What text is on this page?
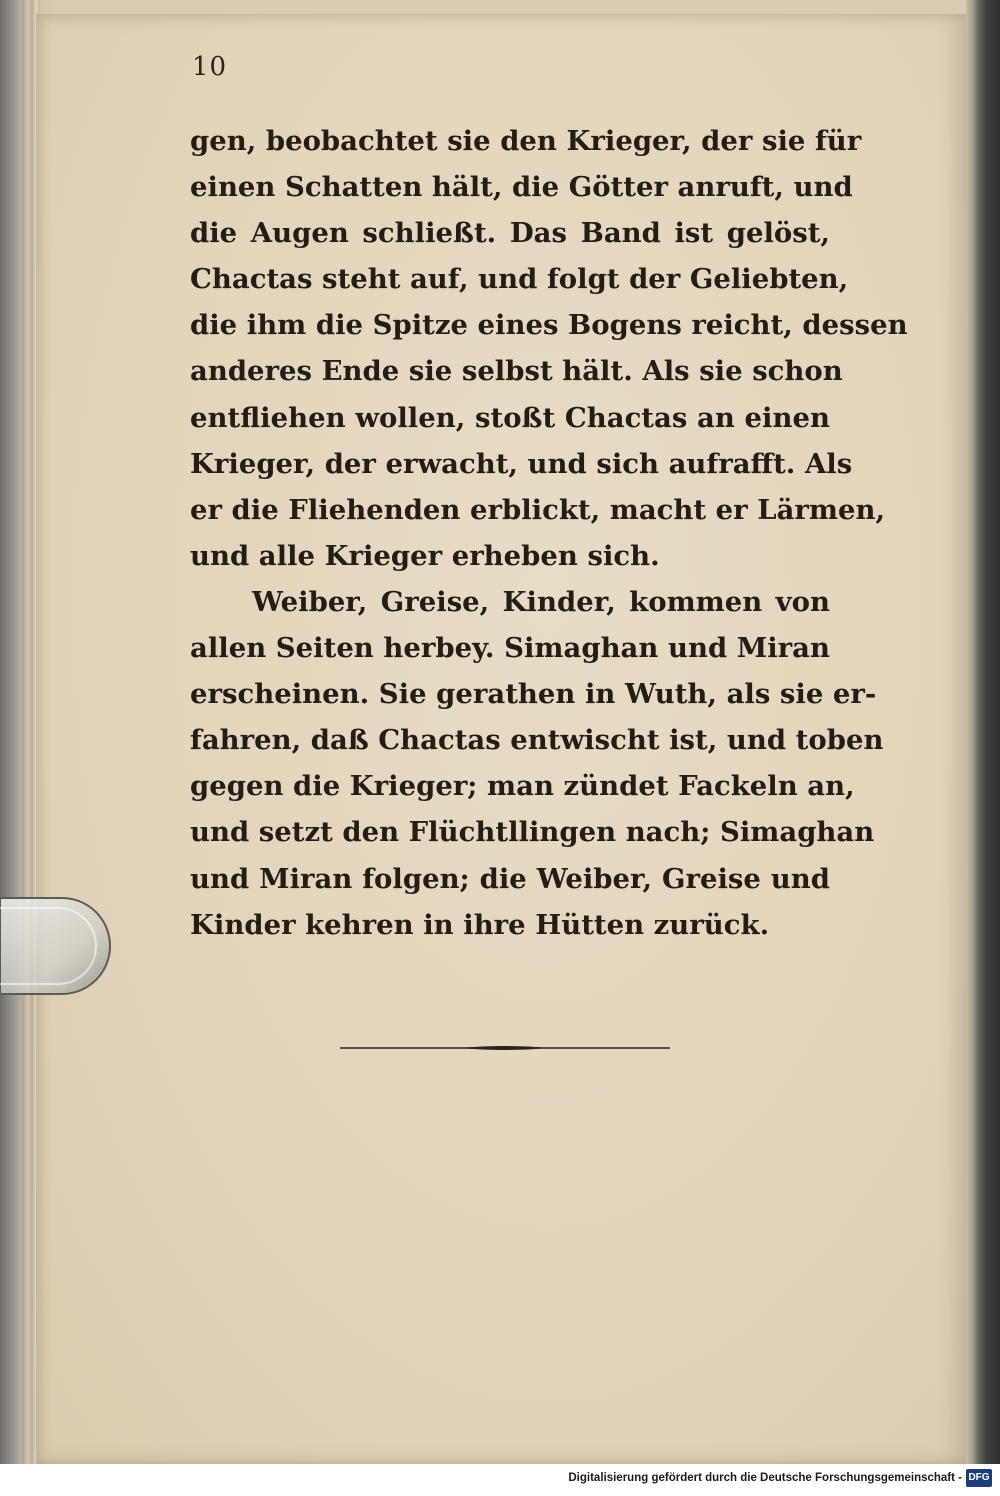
10
gen, beobachtet sie den Krieger, der sie für
einen Schatten hält, die Götter anruft, und
die Augen schließt. Das Band ist gelöst,
Chactas steht auf, und folgt der Geliebten,
die ihm die Spitze eines Bogens reicht, dessen
anderes Ende sie selbst hält. Als sie schon
entfliehen wollen, stoßt Chactas an einen
Krieger, der erwacht, und sich aufrafft. Als
er die Fliehenden erblickt, macht er Lärmen,
und alle Krieger erheben sich.
Weiber, Greise, Kinder, kommen von
allen Seiten herbey. Simaghan und Miran
erscheinen. Sie gerathen in Wuth, als sie er-
fahren, daß Chactas entwischt ist, und toben
gegen die Krieger; man zündet Fackeln an,
und setzt den Flüchtllingen nach; Simaghan
und Miran folgen; die Weiber, Greise und
Kinder kehren in ihre Hütten zurück.
Digitalisierung gefördert durch die Deutsche Forschungsgemeinschaft - DFG
